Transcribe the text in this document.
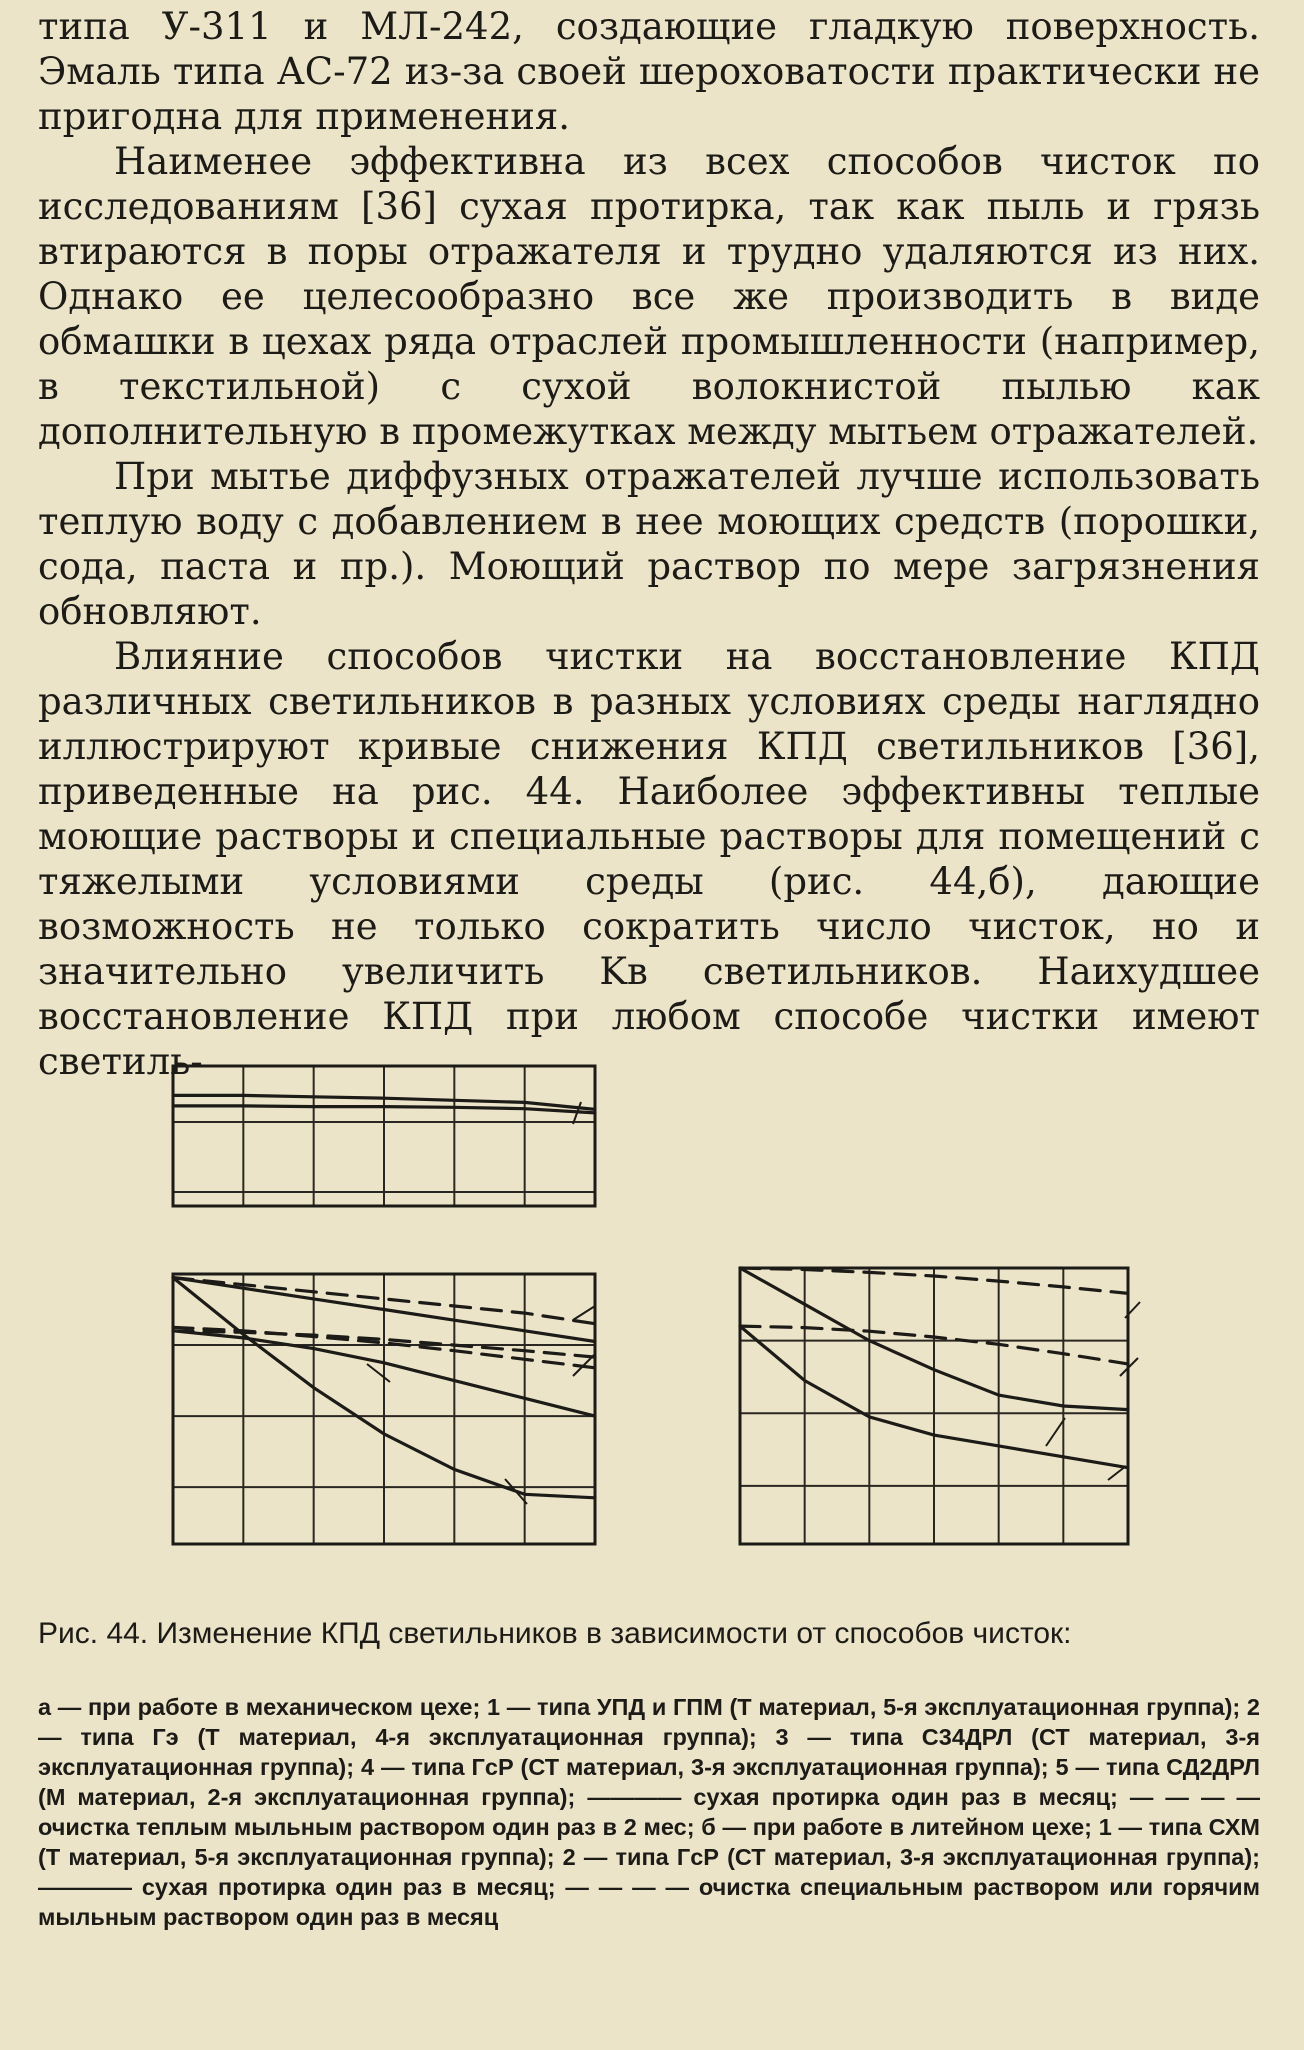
типа У-311 и МЛ-242, создающие гладкую поверхность. Эмаль типа АС-72 из-за своей шероховатости практически не пригодна для применения.

Наименее эффективна из всех способов чисток по исследованиям [36] сухая протирка, так как пыль и грязь втираются в поры отражателя и трудно удаляются из них. Однако ее целесообразно все же производить в виде обмашки в цехах ряда отраслей промышленности (например, в текстильной) с сухой волокнистой пылью как дополнительную в промежутках между мытьем отражателей.

При мытье диффузных отражателей лучше использовать теплую воду с добавлением в нее моющих средств (порошки, сода, паста и пр.). Моющий раствор по мере загрязнения обновляют.

Влияние способов чистки на восстановление КПД различных светильников в разных условиях среды наглядно иллюстрируют кривые снижения КПД светильников [36], приведенные на рис. 44. Наиболее эффективны теплые моющие растворы и специальные растворы для помещений с тяжелыми условиями среды (рис. 44,б), дающие возможность не только сократить число чисток, но и значительно увеличить Kв светильников. Наихудшее восстановление КПД при любом способе чистки имеют светиль-

Рис. 44. Изменение КПД светильников в зависимости от способов чисток:
а — при работе в механическом цехе; 1 — типа УПД и ГПМ (Т материал, 5-я эксплуатационная группа); 2 — типа Гэ (Т материал, 4-я эксплуатационная группа); 3 — типа С34ДРЛ (СТ материал, 3-я эксплуатационная группа); 4 — типа ГсР (СТ материал, 3-я эксплуатационная группа); 5 — типа СД2ДРЛ (М материал, 2-я эксплуатационная группа); ———— сухая протирка один раз в месяц; — — — — очистка теплым мыльным раствором один раз в 2 мес; б — при работе в литейном цехе; 1 — типа СХМ (Т материал, 5-я эксплуатационная группа); 2 — типа ГсР (СТ материал, 3-я эксплуатационная группа); ———— сухая протирка один раз в месяц; — — — — очистка специальным раствором или горячим мыльным раствором один раз в месяц
